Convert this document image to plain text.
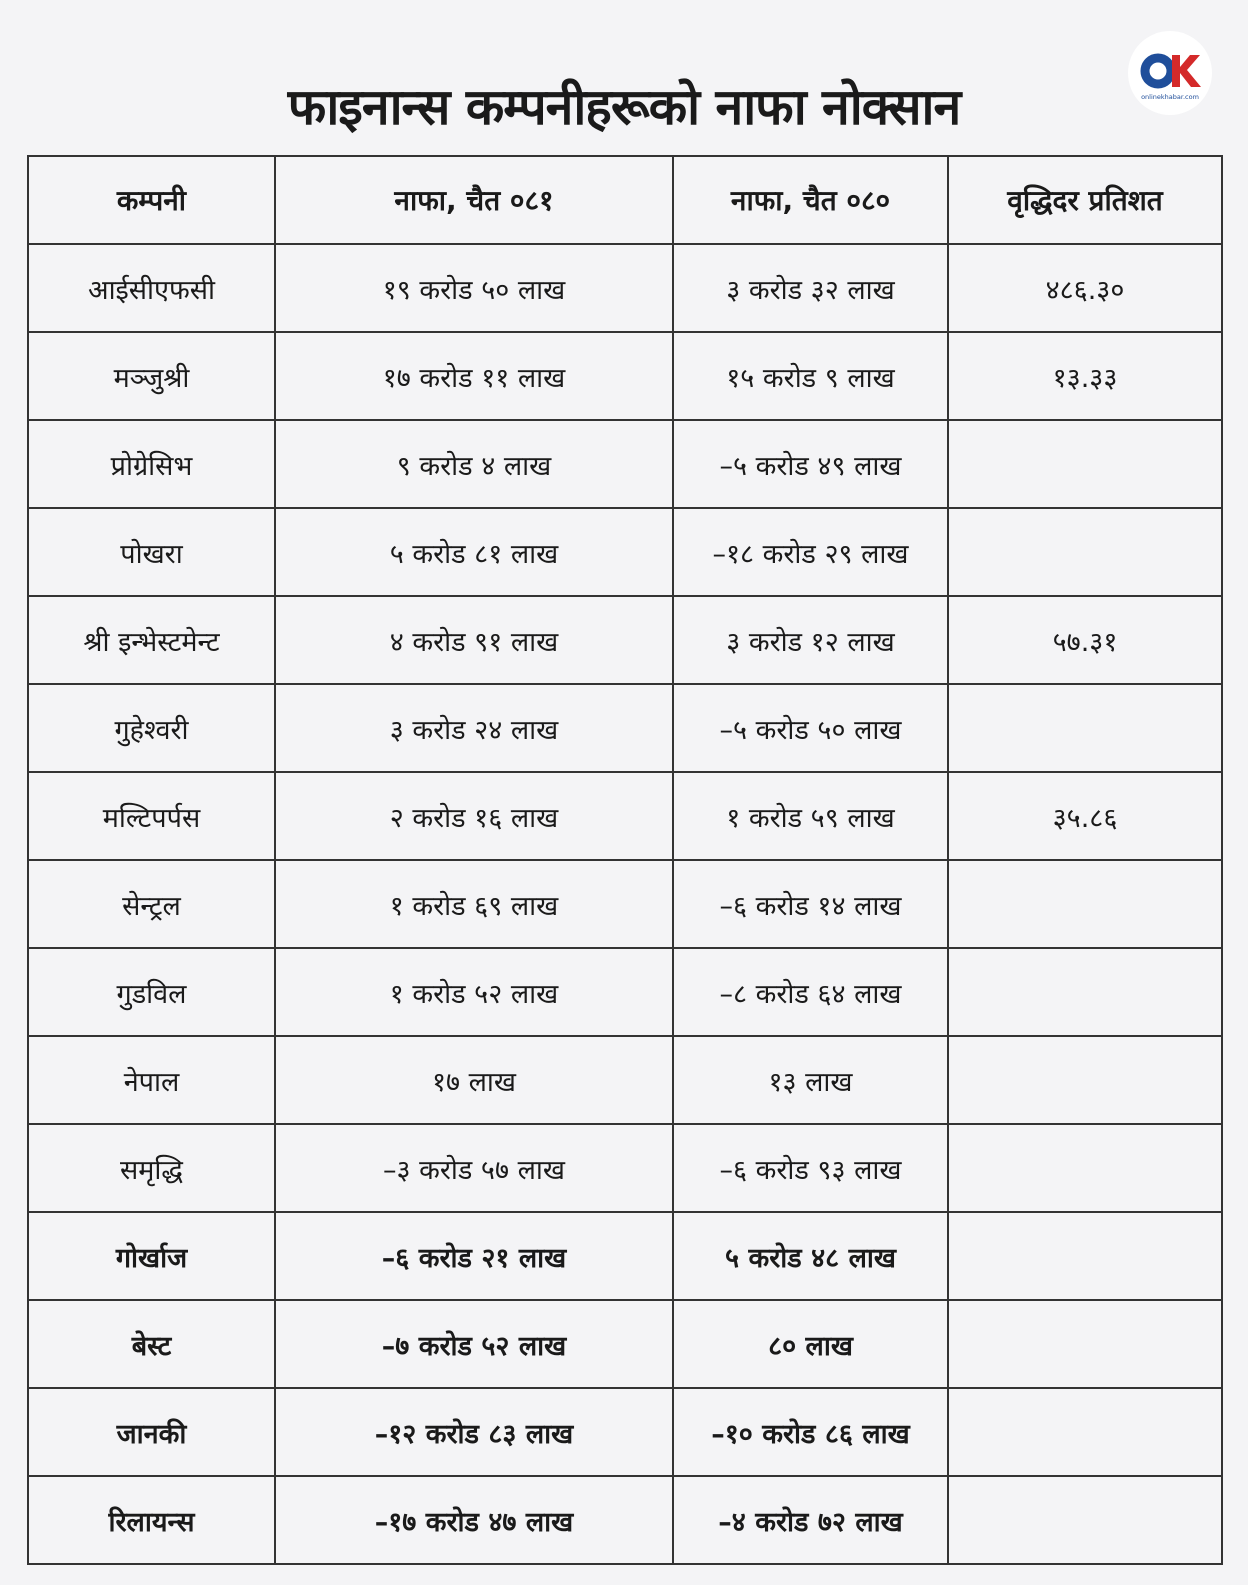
फाइनान्स कम्पनीहरूको नाफा नोक्सान	onlinekhabar.com
कम्पनी	नाफा, चैत ०८१	नाफा, चैत ०८०	वृद्धिदर प्रतिशत
आईसीएफसी	१९ करोड ५० लाख	३ करोड ३२ लाख	४८६.३०
मञ्जुश्री	१७ करोड ११ लाख	१५ करोड ९ लाख	१३.३३
प्रोग्रेसिभ	९ करोड ४ लाख	–५ करोड ४९ लाख	
पोखरा	५ करोड ८१ लाख	–१८ करोड २९ लाख	
श्री इन्भेस्टमेन्ट	४ करोड ९१ लाख	३ करोड १२ लाख	५७.३१
गुहेश्वरी	३ करोड २४ लाख	–५ करोड ५० लाख	
मल्टिपर्पस	२ करोड १६ लाख	१ करोड ५९ लाख	३५.८६
सेन्ट्रल	१ करोड ६९ लाख	–६ करोड १४ लाख	
गुडविल	१ करोड ५२ लाख	–८ करोड ६४ लाख	
नेपाल	१७ लाख	१३ लाख	
समृद्धि	–३ करोड ५७ लाख	–६ करोड ९३ लाख	
गोर्खाज	–६ करोड २१ लाख	५ करोड ४८ लाख	
बेस्ट	–७ करोड ५२ लाख	८० लाख	
जानकी	–१२ करोड ८३ लाख	–१० करोड ८६ लाख	
रिलायन्स	–१७ करोड ४७ लाख	–४ करोड ७२ लाख	
